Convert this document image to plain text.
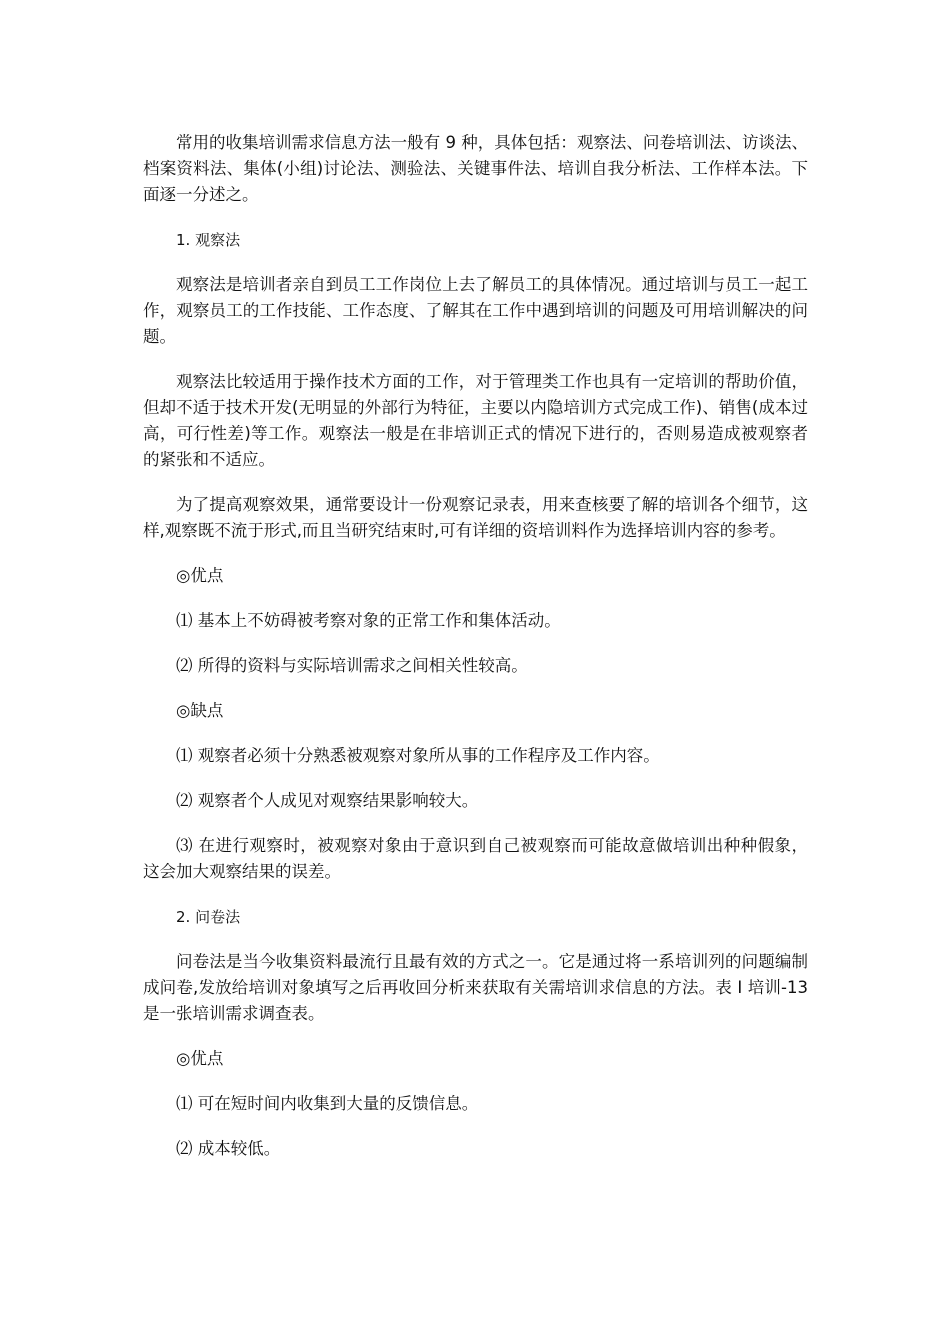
常用的收集培训需求信息方法一般有 9 种，具体包括：观察法、问卷培训法、访谈法、档案资料法、集体(小组)讨论法、测验法、关键事件法、培训自我分析法、工作样本法。下面逐一分述之。

1. 观察法

观察法是培训者亲自到员工工作岗位上去了解员工的具体情况。通过培训与员工一起工作，观察员工的工作技能、工作态度、了解其在工作中遇到培训的问题及可用培训解决的问题。

观察法比较适用于操作技术方面的工作，对于管理类工作也具有一定培训的帮助价值，但却不适于技术开发(无明显的外部行为特征，主要以内隐培训方式完成工作)、销售(成本过高，可行性差)等工作。观察法一般是在非培训正式的情况下进行的，否则易造成被观察者的紧张和不适应。

为了提高观察效果，通常要设计一份观察记录表，用来查核要了解的培训各个细节，这样,观察既不流于形式,而且当研究结束时,可有详细的资培训料作为选择培训内容的参考。

◎优点

⑴ 基本上不妨碍被考察对象的正常工作和集体活动。

⑵ 所得的资料与实际培训需求之间相关性较高。

◎缺点

⑴ 观察者必须十分熟悉被观察对象所从事的工作程序及工作内容。

⑵ 观察者个人成见对观察结果影响较大。

⑶ 在进行观察时，被观察对象由于意识到自己被观察而可能故意做培训出种种假象，这会加大观察结果的误差。

2. 问卷法

问卷法是当今收集资料最流行且最有效的方式之一。它是通过将一系培训列的问题编制成问卷,发放给培训对象填写之后再收回分析来获取有关需培训求信息的方法。表 I 培训-13 是一张培训需求调查表。

◎优点

⑴ 可在短时间内收集到大量的反馈信息。

⑵ 成本较低。
